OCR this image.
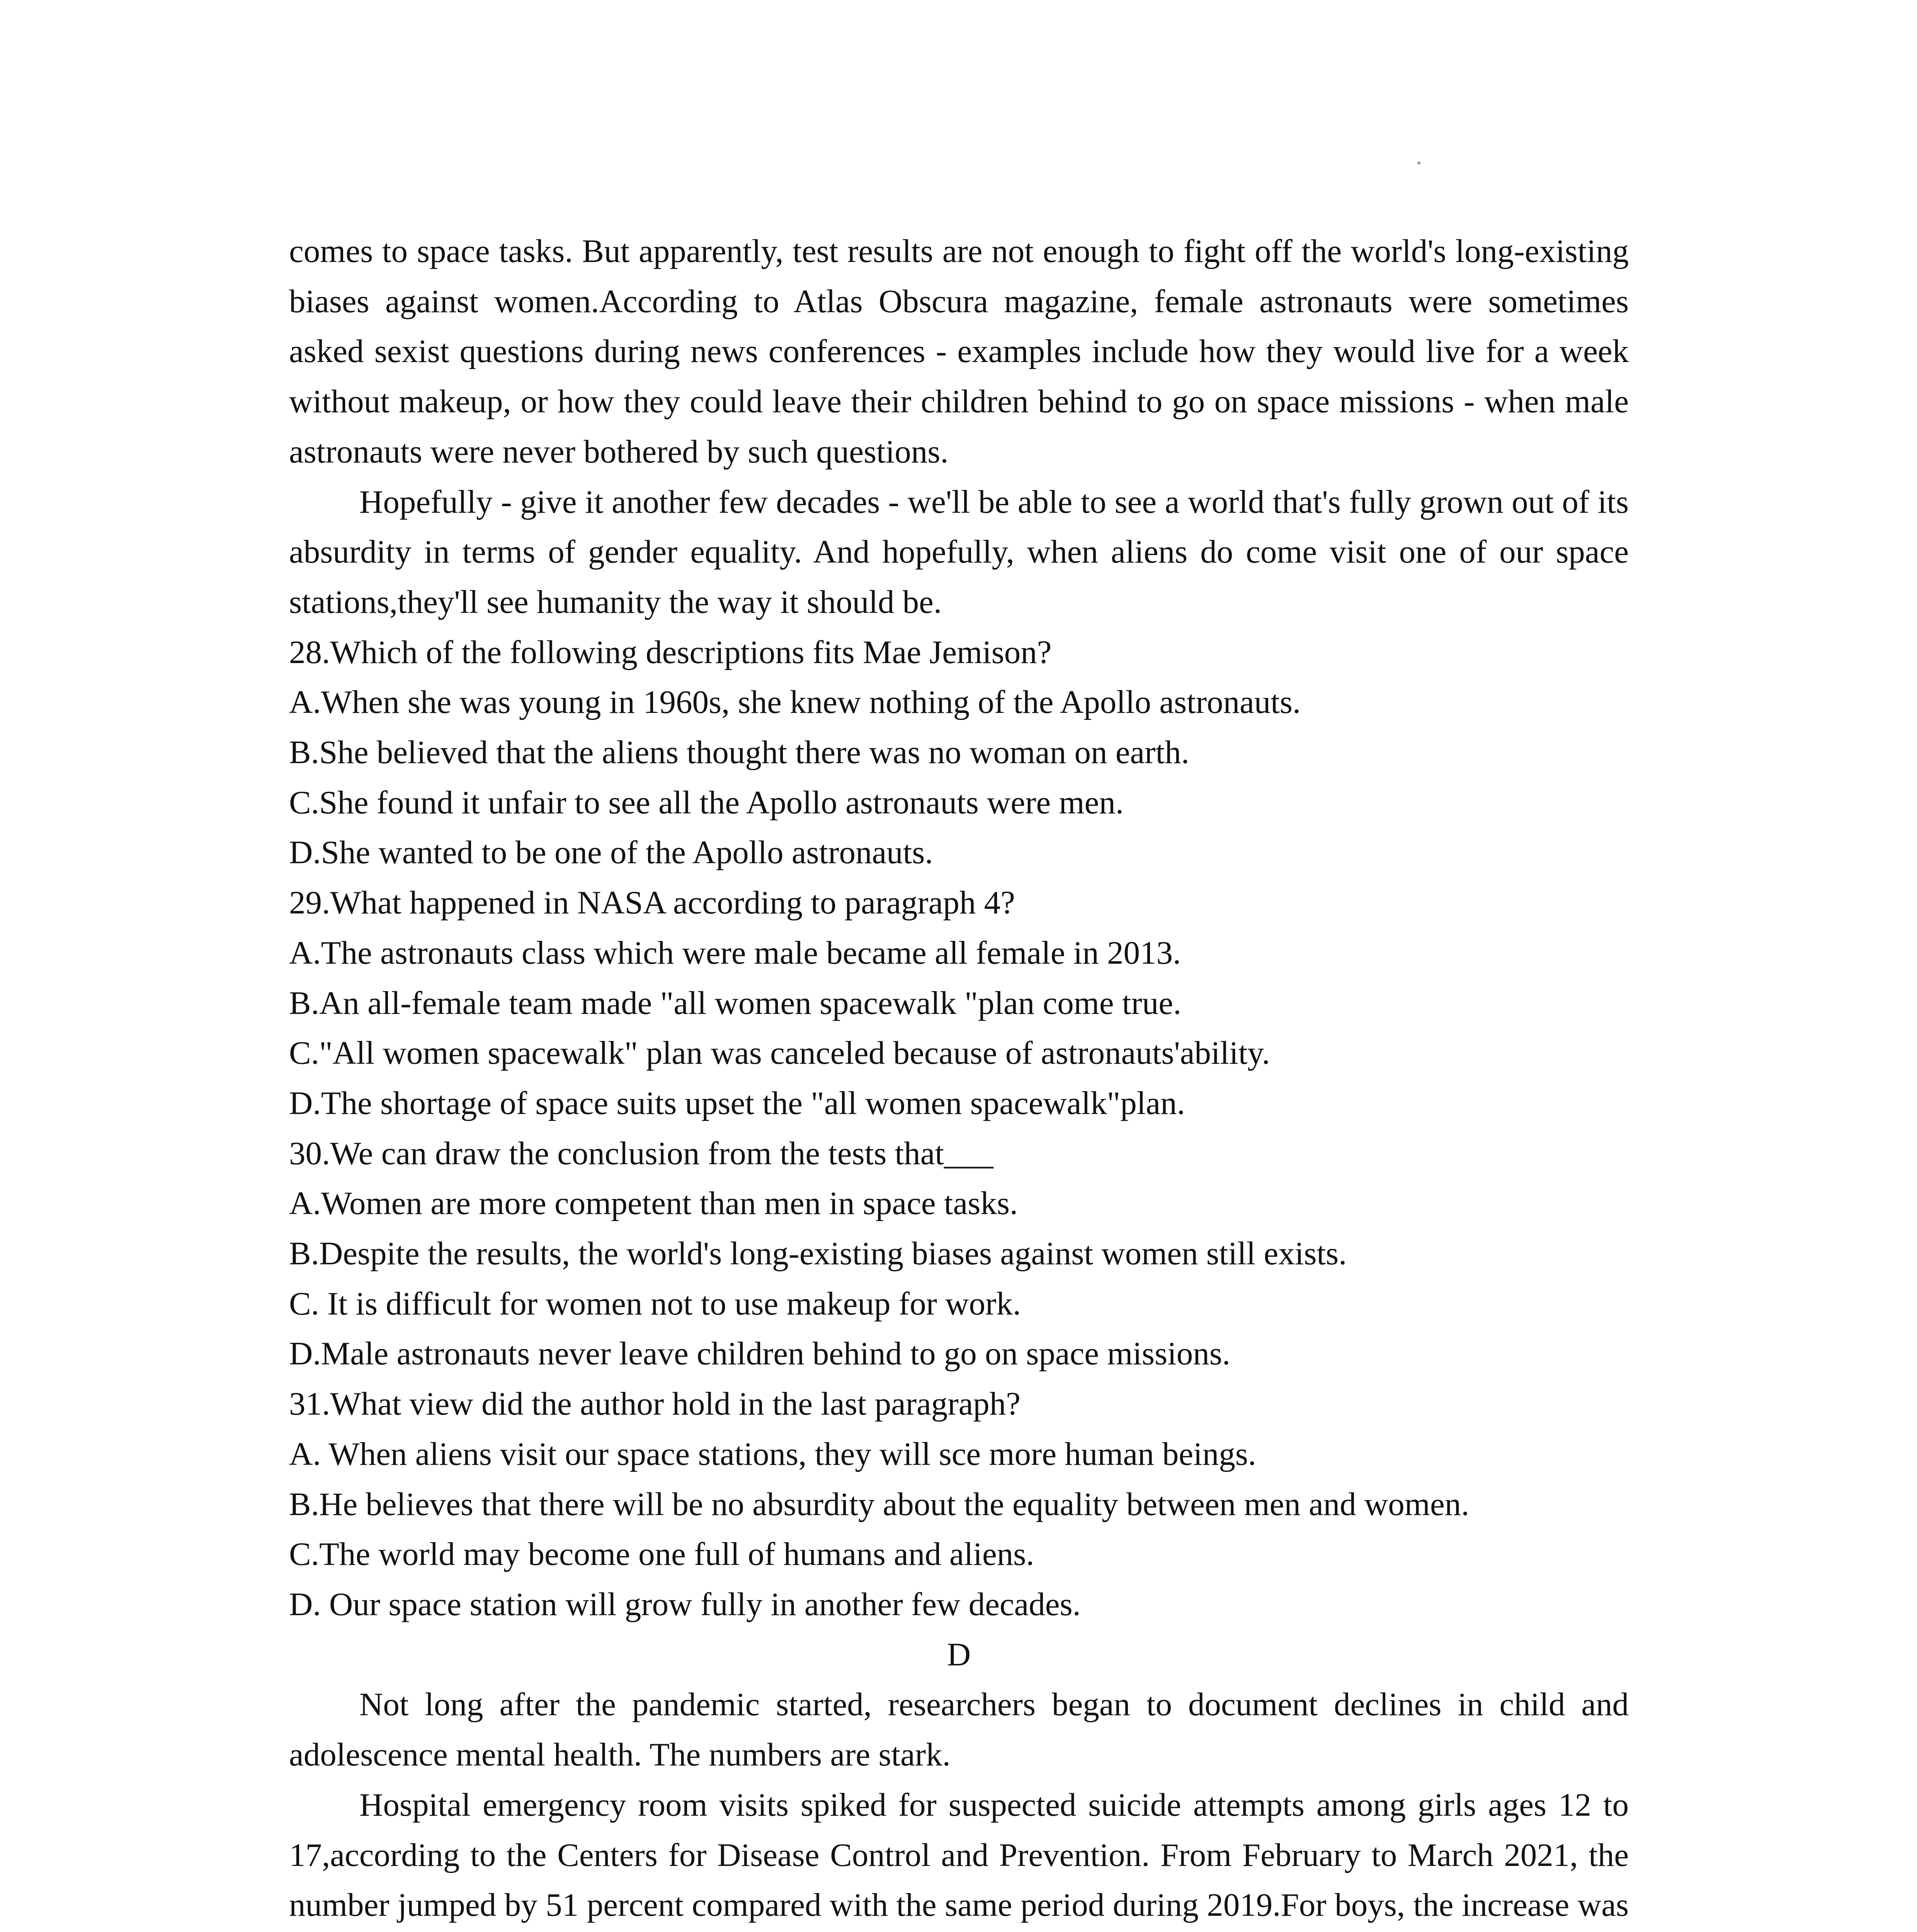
comes to space tasks. But apparently, test results are not enough to fight off the world's long-existing biases against women.According to Atlas Obscura magazine, female astronauts were sometimes asked sexist questions during news conferences - examples include how they would live for a week without makeup, or how they could leave their children behind to go on space missions - when male astronauts were never bothered by such questions.

Hopefully - give it another few decades - we'll be able to see a world that's fully grown out of its absurdity in terms of gender equality. And hopefully, when aliens do come visit one of our space stations,they'll see humanity the way it should be.

28.Which of the following descriptions fits Mae Jemison?

A.When she was young in 1960s, she knew nothing of the Apollo astronauts.

B.She believed that the aliens thought there was no woman on earth.

C.She found it unfair to see all the Apollo astronauts were men.

D.She wanted to be one of the Apollo astronauts.

29.What happened in NASA according to paragraph 4?

A.The astronauts class which were male became all female in 2013.

B.An all-female team made "all women spacewalk "plan come true.

C."All women spacewalk" plan was canceled because of astronauts'ability.

D.The shortage of space suits upset the "all women spacewalk"plan.

30.We can draw the conclusion from the tests that___

A.Women are more competent than men in space tasks.

B.Despite the results, the world's long-existing biases against women still exists.

C. It is difficult for women not to use makeup for work.

D.Male astronauts never leave children behind to go on space missions.

31.What view did the author hold in the last paragraph?

A. When aliens visit our space stations, they will sce more human beings.

B.He believes that there will be no absurdity about the equality between men and women.

C.The world may become one full of humans and aliens.

D. Our space station will grow fully in another few decades.

D

Not long after the pandemic started, researchers began to document declines in child and adolescence mental health. The numbers are stark.

Hospital emergency room visits spiked for suspected suicide attempts among girls ages 12 to 17,according to the Centers for Disease Control and Prevention. From February to March 2021, the number jumped by 51 percent compared with the same period during 2019.For boys, the increase was
